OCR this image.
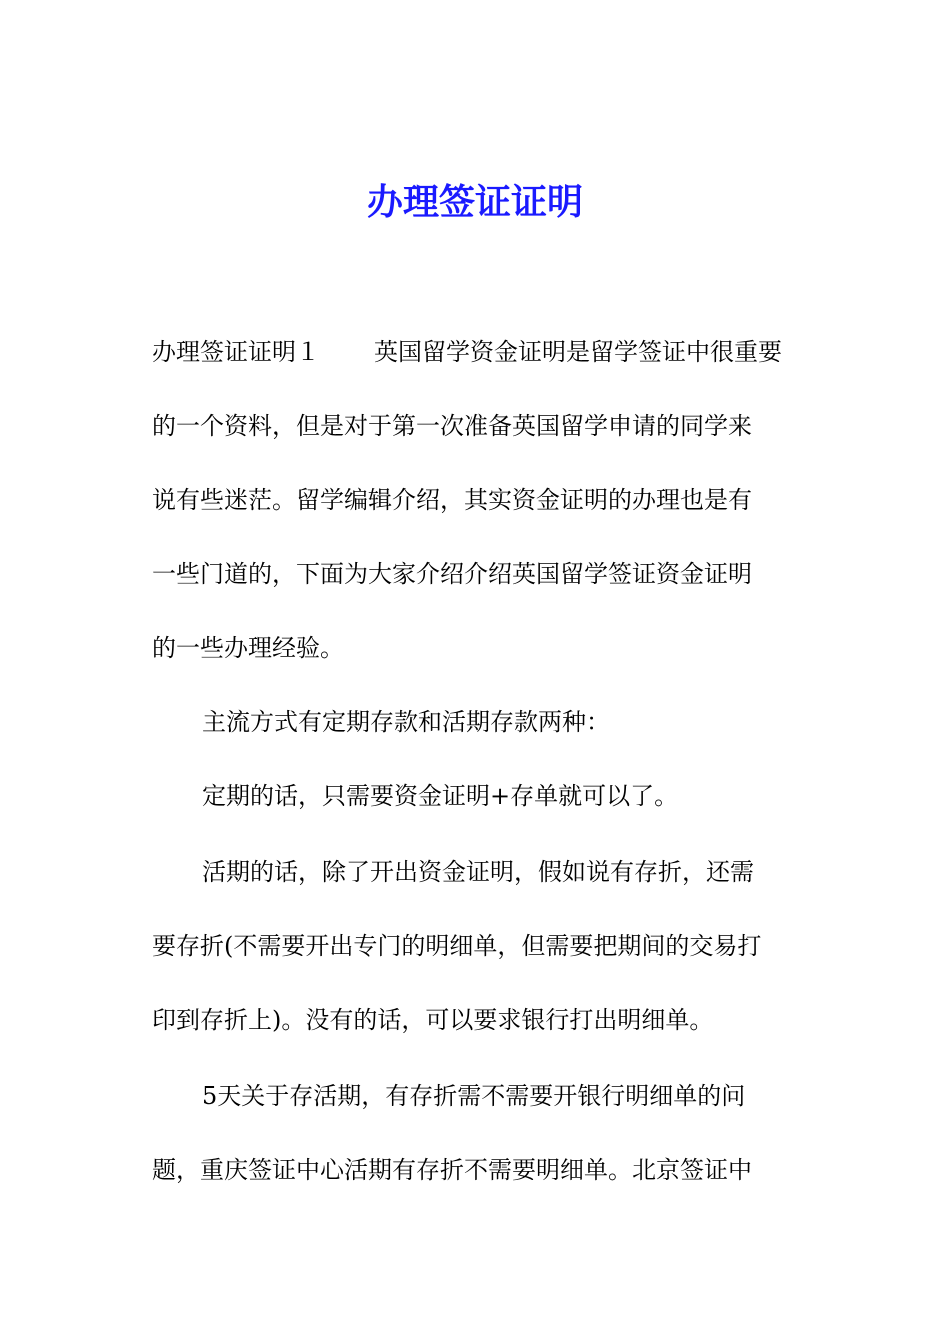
办理签证证明

办理签证证明１ 英国留学资金证明是留学签证中很重要

的一个资料，但是对于第一次准备英国留学申请的同学来

说有些迷茫。留学编辑介绍，其实资金证明的办理也是有

一些门道的，下面为大家介绍介绍英国留学签证资金证明

的一些办理经验。

主流方式有定期存款和活期存款两种：

定期的话，只需要资金证明+存单就可以了。

活期的话，除了开出资金证明，假如说有存折，还需

要存折(不需要开出专门的明细单，但需要把期间的交易打

印到存折上)。没有的话，可以要求银行打出明细单。

5天关于存活期，有存折需不需要开银行明细单的问

题，重庆签证中心活期有存折不需要明细单。北京签证中
